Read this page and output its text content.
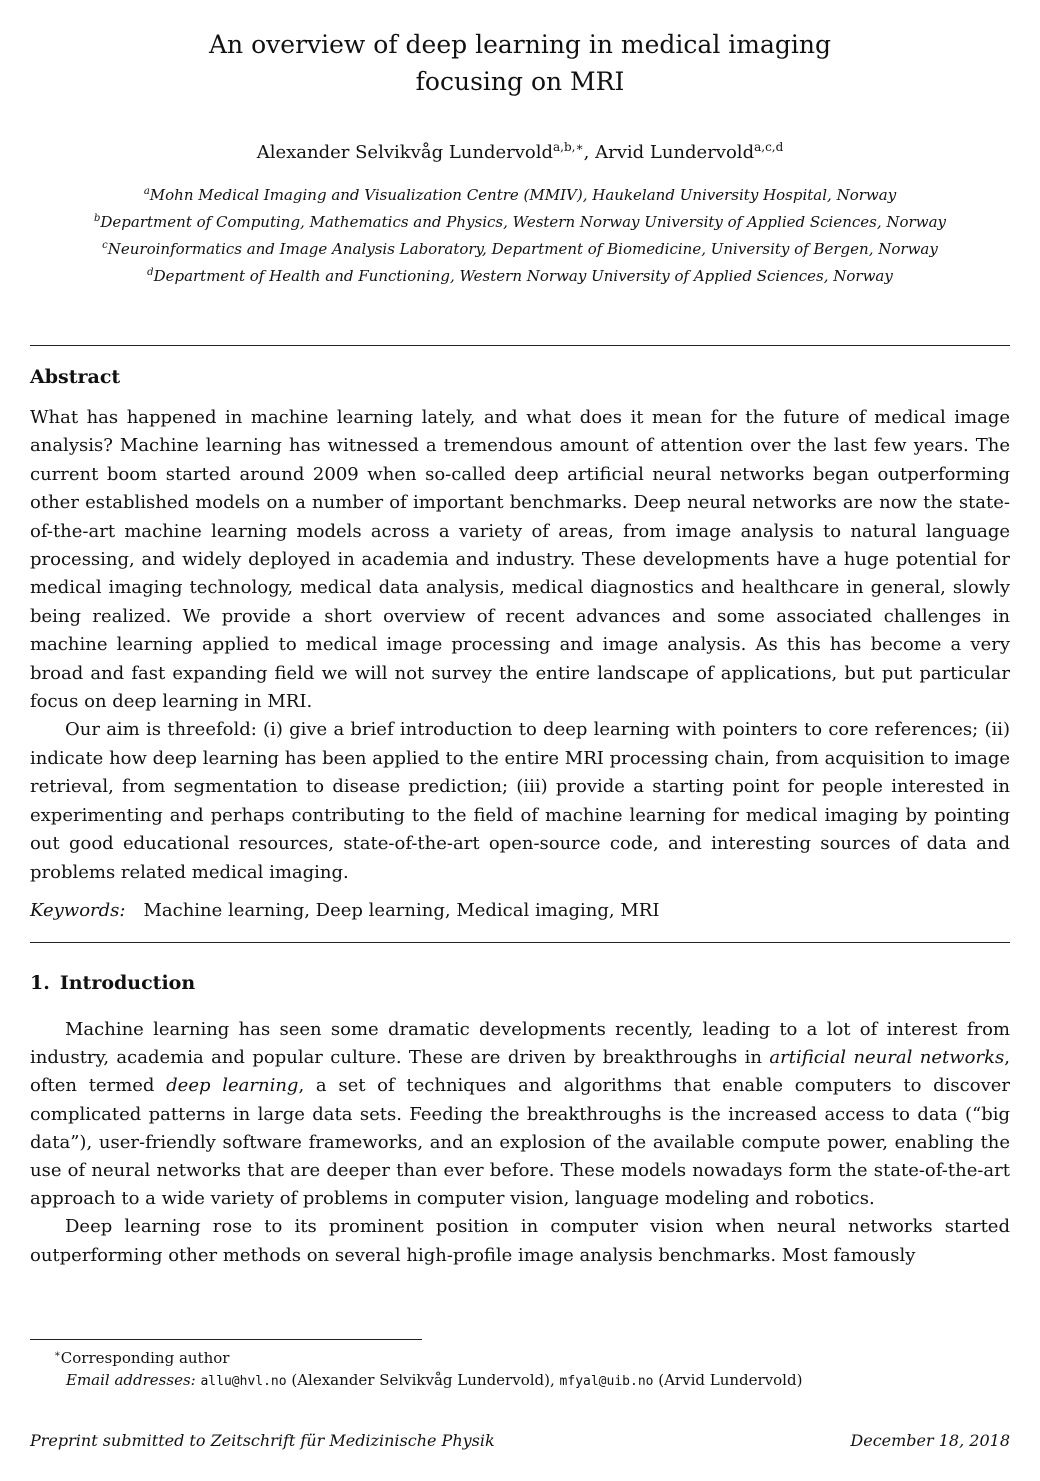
An overview of deep learning in medical imaging
focusing on MRI
Alexander Selvikvåg Lundervold$^{a,b,∗}$, Arvid Lundervold$^{a,c,d}$
$^a$Mohn Medical Imaging and Visualization Centre (MMIV), Haukeland University Hospital, Norway
$^b$Department of Computing, Mathematics and Physics, Western Norway University of Applied Sciences, Norway
$^c$Neuroinformatics and Image Analysis Laboratory, Department of Biomedicine, University of Bergen, Norway
$^d$Department of Health and Functioning, Western Norway University of Applied Sciences, Norway
Abstract

What has happened in machine learning lately, and what does it mean for the future of medical image analysis? Machine learning has witnessed a tremendous amount of attention over the last few years. The current boom started around 2009 when so-called deep artificial neural networks began outperforming other established models on a number of important benchmarks. Deep neural networks are now the state-of-the-art machine learning models across a variety of areas, from image analysis to natural language processing, and widely deployed in academia and industry. These developments have a huge potential for medical imaging technology, medical data analysis, medical diagnostics and healthcare in general, slowly being realized. We provide a short overview of recent advances and some associated challenges in machine learning applied to medical image processing and image analysis. As this has become a very broad and fast expanding field we will not survey the entire landscape of applications, but put particular focus on deep learning in MRI.

Our aim is threefold: (i) give a brief introduction to deep learning with pointers to core references; (ii) indicate how deep learning has been applied to the entire MRI processing chain, from acquisition to image retrieval, from segmentation to disease prediction; (iii) provide a starting point for people interested in experimenting and perhaps contributing to the field of machine learning for medical imaging by pointing out good educational resources, state-of-the-art open-source code, and interesting sources of data and problems related medical imaging.

Keywords: Machine learning, Deep learning, Medical imaging, MRI
1. Introduction

Machine learning has seen some dramatic developments recently, leading to a lot of interest from industry, academia and popular culture. These are driven by breakthroughs in artificial neural networks, often termed deep learning, a set of techniques and algorithms that enable computers to discover complicated patterns in large data sets. Feeding the breakthroughs is the increased access to data (“big data”), user-friendly software frameworks, and an explosion of the available compute power, enabling the use of neural networks that are deeper than ever before. These models nowadays form the state-of-the-art approach to a wide variety of problems in computer vision, language modeling and robotics.

Deep learning rose to its prominent position in computer vision when neural networks started outperforming other methods on several high-profile image analysis benchmarks. Most famously

∗Corresponding author
Email addresses: allu@hvl.no (Alexander Selvikvåg Lundervold), mfyal@uib.no (Arvid Lundervold)
Preprint submitted to Zeitschrift für Medizinische Physik	December 18, 2018
